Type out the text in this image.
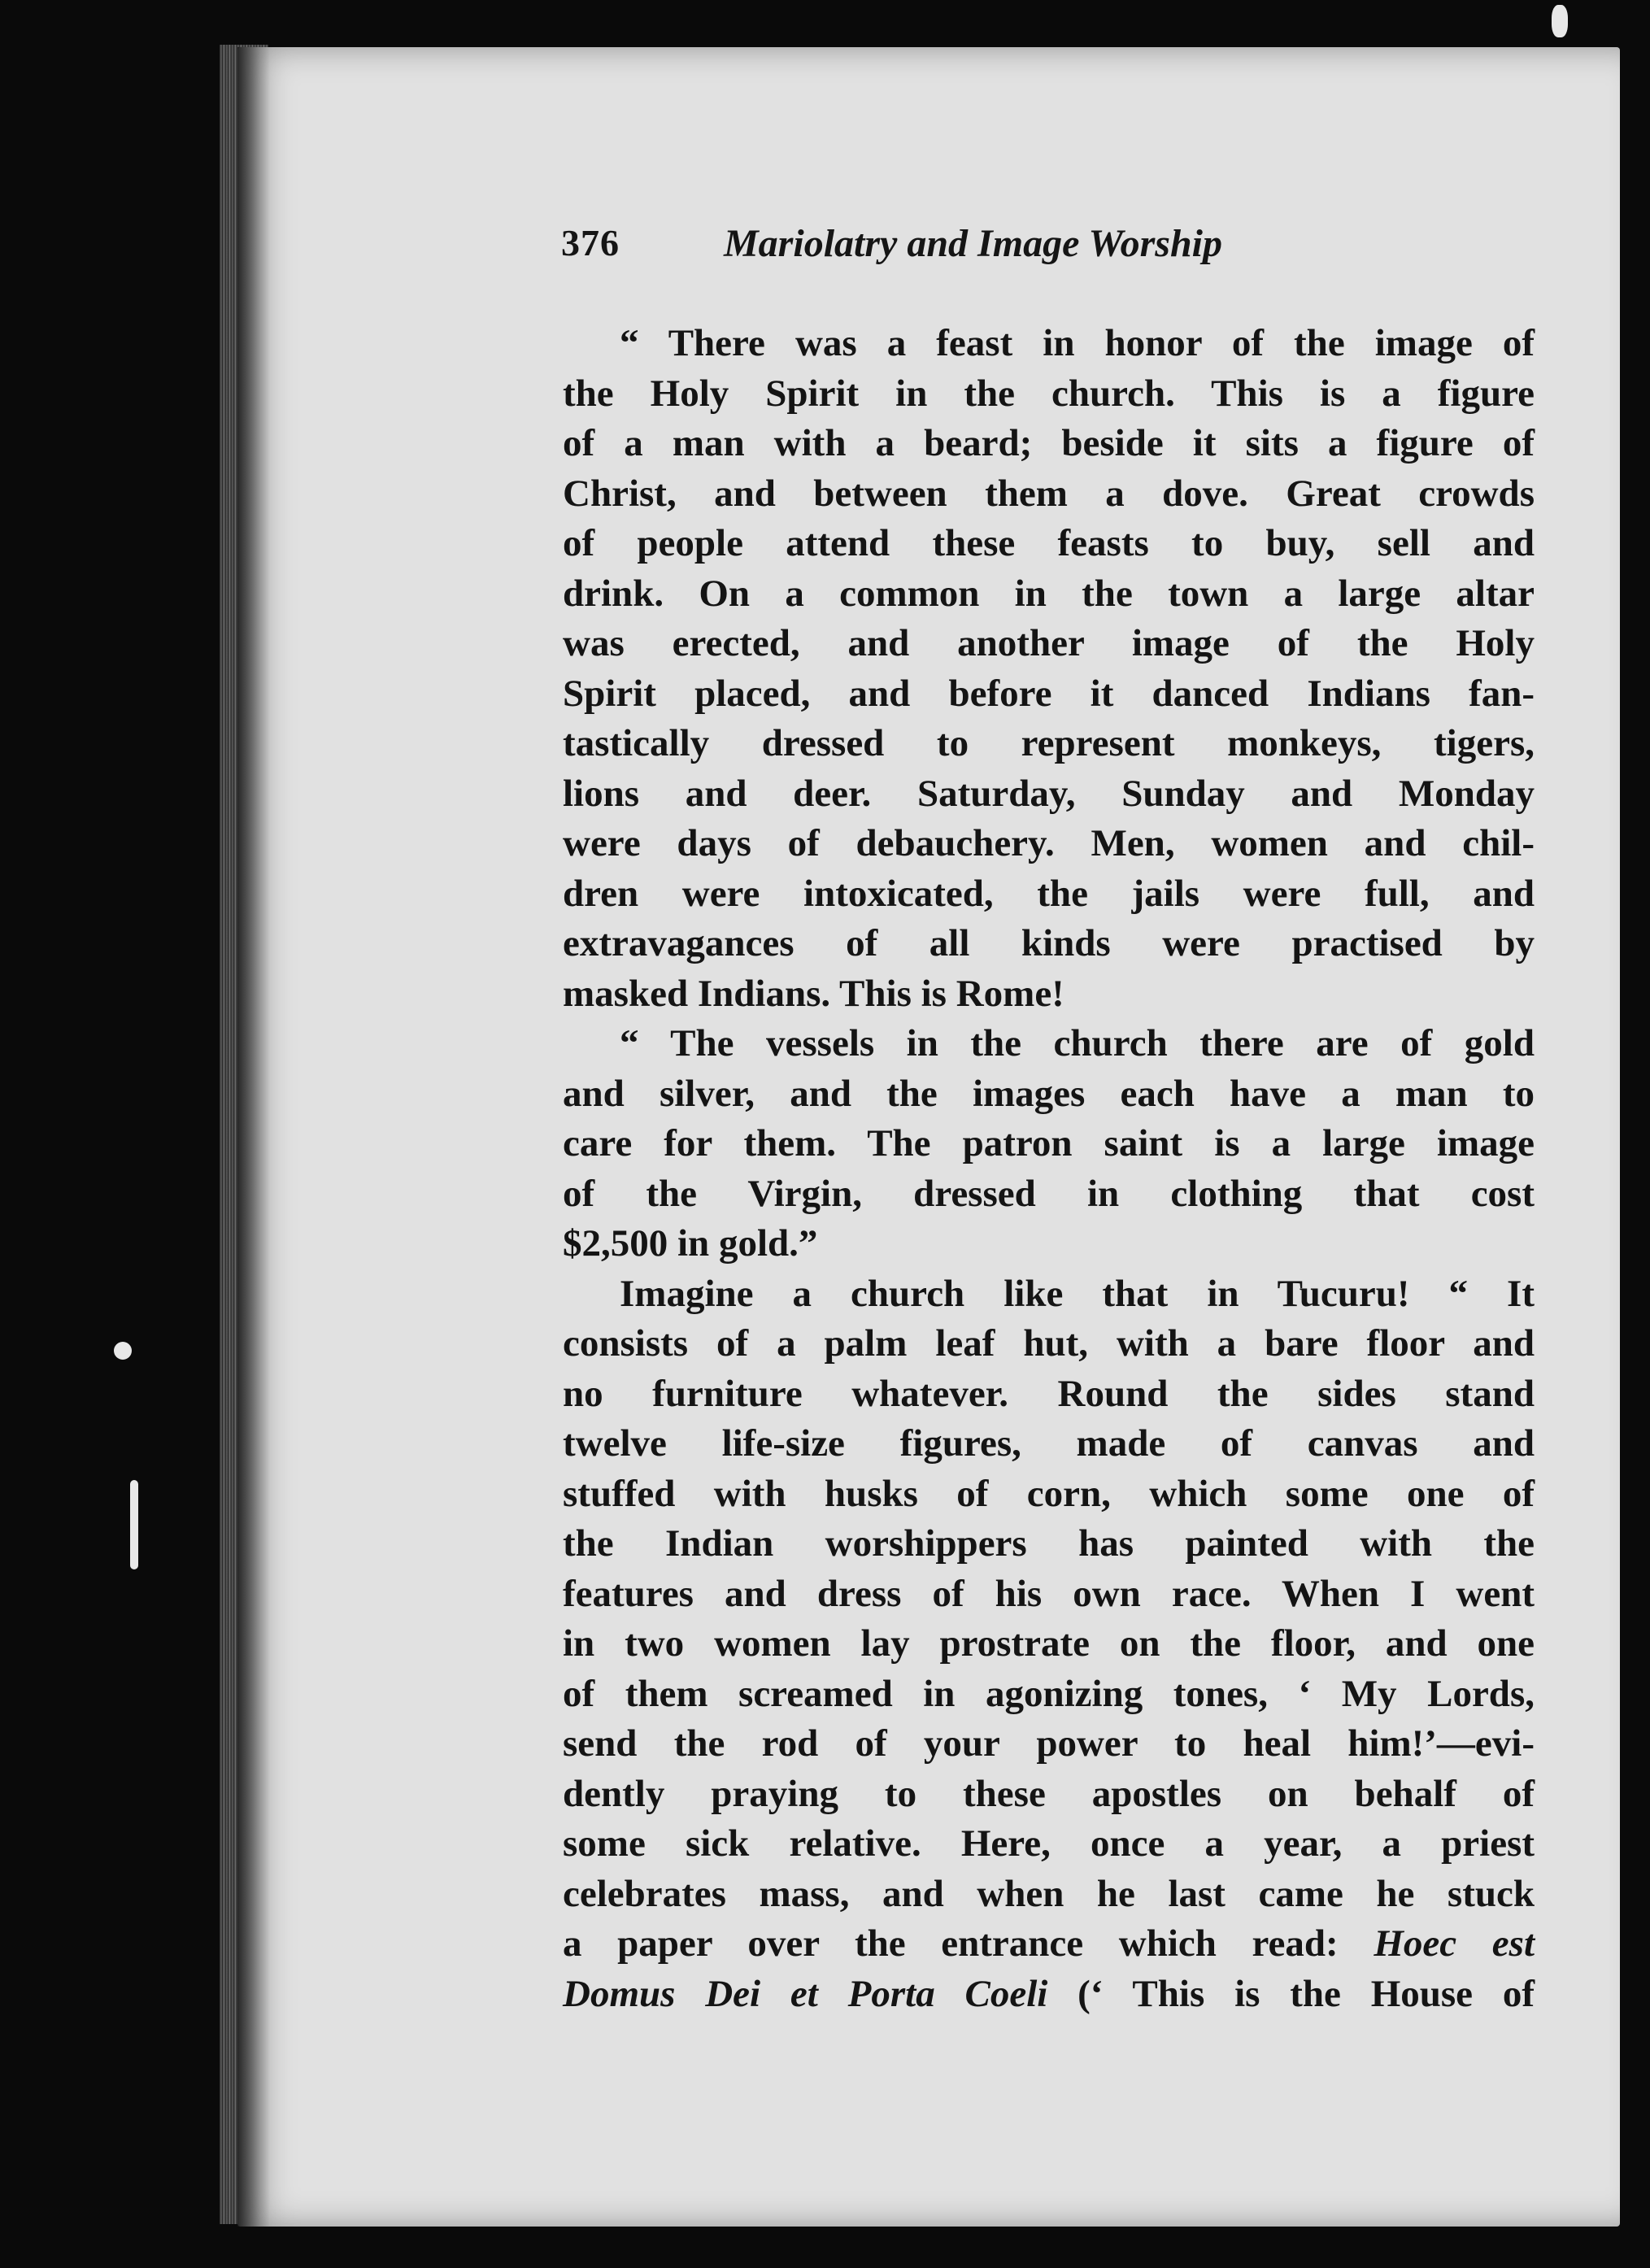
376	Mariolatry and Image Worship
“ There was a feast in honor of the image of
the Holy Spirit in the church. This is a figure
of a man with a beard; beside it sits a figure of
Christ, and between them a dove. Great crowds
of people attend these feasts to buy, sell and
drink. On a common in the town a large altar
was erected, and another image of the Holy
Spirit placed, and before it danced Indians fan-
tastically dressed to represent monkeys, tigers,
lions and deer. Saturday, Sunday and Monday
were days of debauchery. Men, women and chil-
dren were intoxicated, the jails were full, and
extravagances of all kinds were practised by
masked Indians. This is Rome!
“ The vessels in the church there are of gold
and silver, and the images each have a man to
care for them. The patron saint is a large image
of the Virgin, dressed in clothing that cost
$2,500 in gold.”
Imagine a church like that in Tucuru! “ It
consists of a palm leaf hut, with a bare floor and
no furniture whatever. Round the sides stand
twelve life-size figures, made of canvas and
stuffed with husks of corn, which some one of
the Indian worshippers has painted with the
features and dress of his own race. When I went
in two women lay prostrate on the floor, and one
of them screamed in agonizing tones, ‘ My Lords,
send the rod of your power to heal him!’—evi-
dently praying to these apostles on behalf of
some sick relative. Here, once a year, a priest
celebrates mass, and when he last came he stuck
a paper over the entrance which read: Hoec est
Domus Dei et Porta Coeli (‘ This is the House of
